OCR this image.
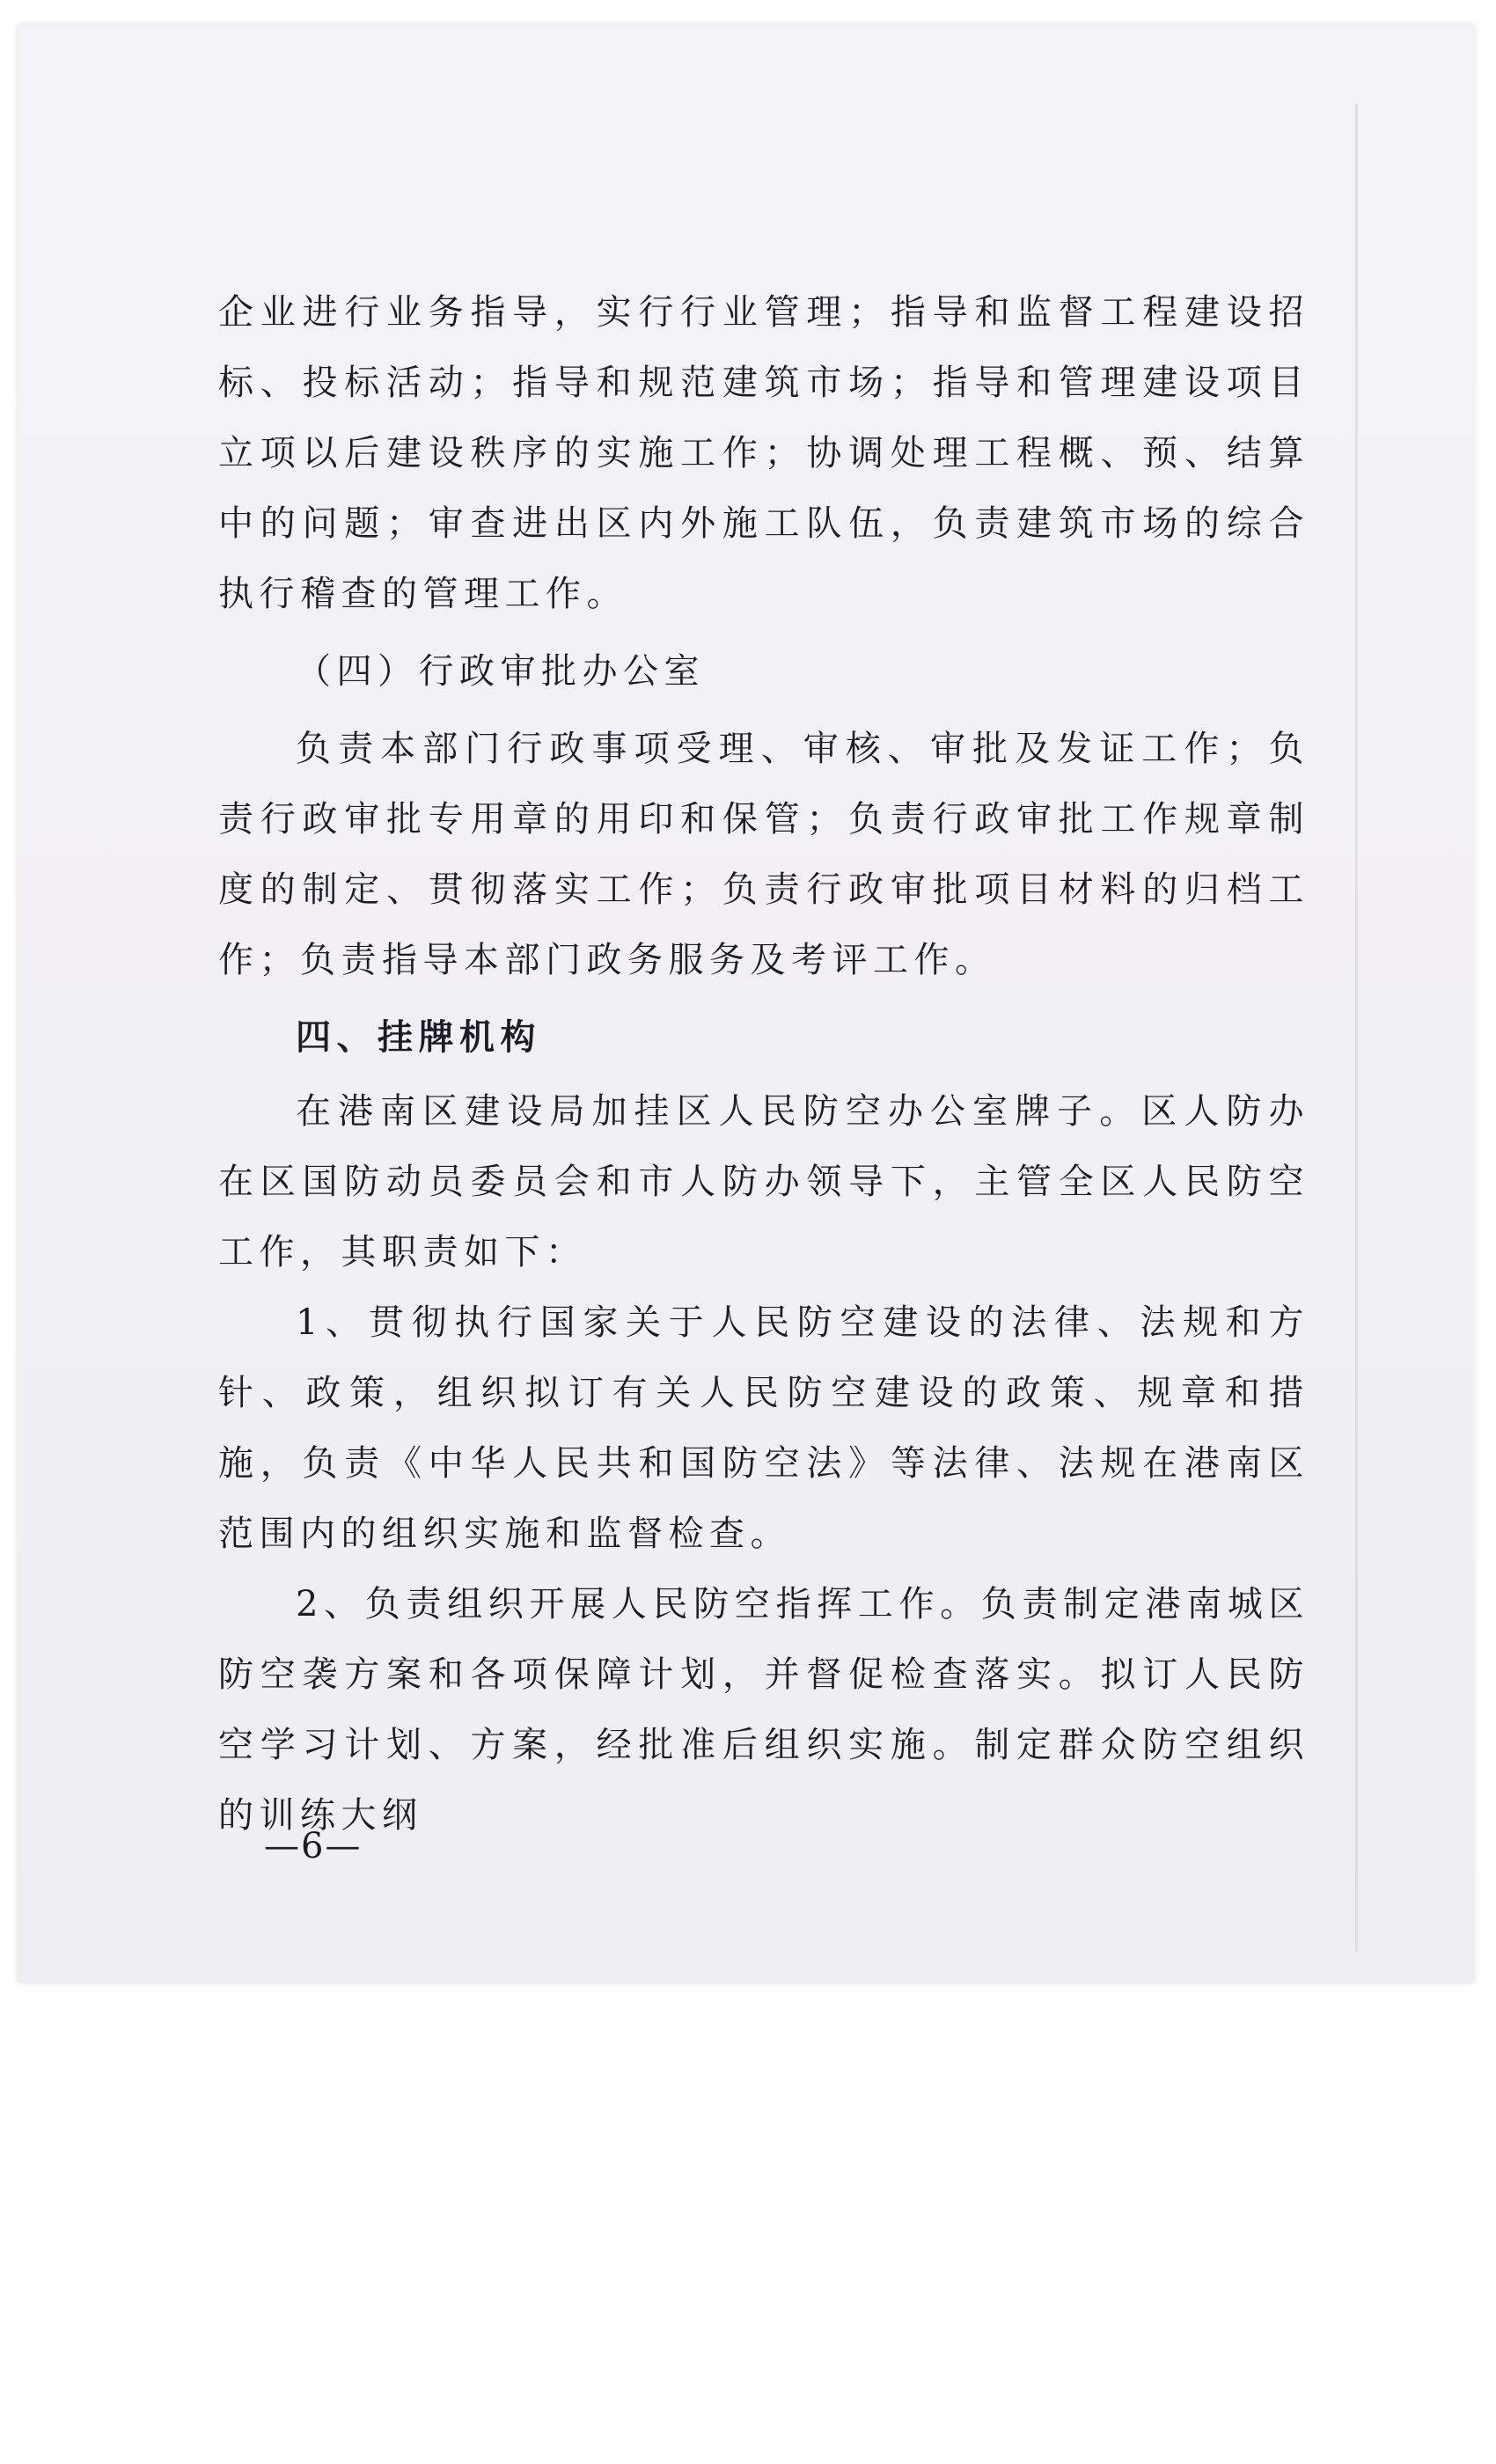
企业进行业务指导，实行行业管理；指导和监督工程建设招标、投标活动；指导和规范建筑市场；指导和管理建设项目立项以后建设秩序的实施工作；协调处理工程概、预、结算中的问题；审查进出区内外施工队伍，负责建筑市场的综合执行稽查的管理工作。

（四）行政审批办公室

负责本部门行政事项受理、审核、审批及发证工作；负责行政审批专用章的用印和保管；负责行政审批工作规章制度的制定、贯彻落实工作；负责行政审批项目材料的归档工作；负责指导本部门政务服务及考评工作。

四、挂牌机构

在港南区建设局加挂区人民防空办公室牌子。区人防办在区国防动员委员会和市人防办领导下，主管全区人民防空工作，其职责如下：

1、贯彻执行国家关于人民防空建设的法律、法规和方针、政策，组织拟订有关人民防空建设的政策、规章和措施，负责《中华人民共和国防空法》等法律、法规在港南区范围内的组织实施和监督检查。

2、负责组织开展人民防空指挥工作。负责制定港南城区防空袭方案和各项保障计划，并督促检查落实。拟订人民防空学习计划、方案，经批准后组织实施。制定群众防空组织的训练大纲

—6—
